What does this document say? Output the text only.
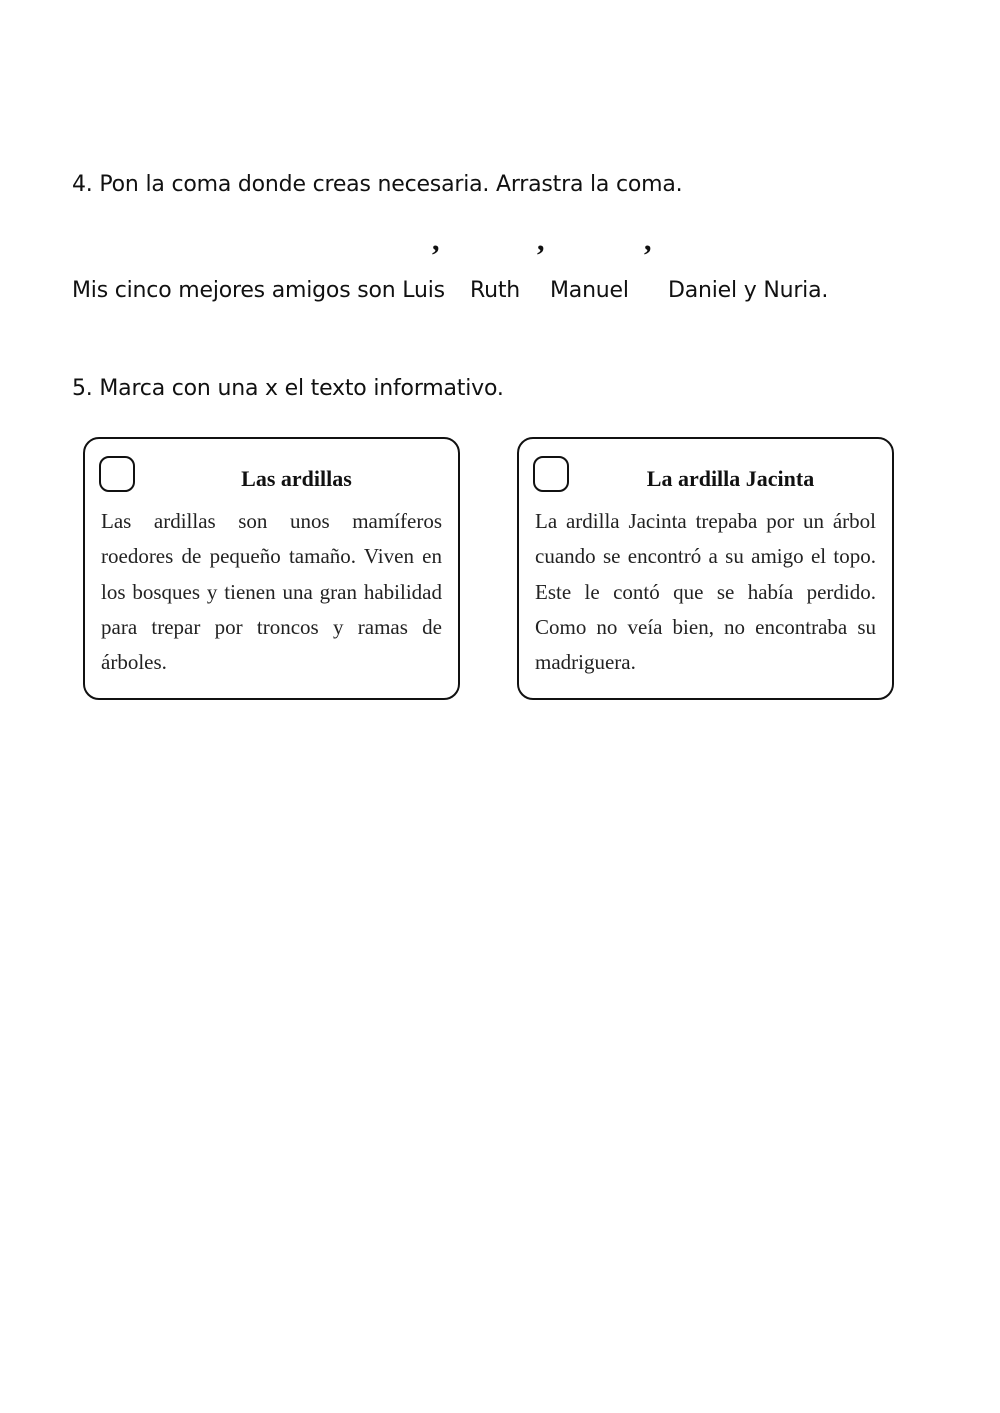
4. Pon la coma donde creas necesaria. Arrastra la coma.
,	,	,
Mis cinco mejores amigos son Luis Ruth Manuel Daniel y Nuria.
5. Marca con una x el texto informativo.
Las ardillas

Las ardillas son unos mamíferos roedores de pequeño tamaño. Viven en los bosques y tienen una gran habilidad para trepar por troncos y ramas de árboles.

La ardilla Jacinta

La ardilla Jacinta trepaba por un árbol cuando se encontró a su amigo el topo. Este le contó que se había perdido. Como no veía bien, no encontraba su madriguera.
